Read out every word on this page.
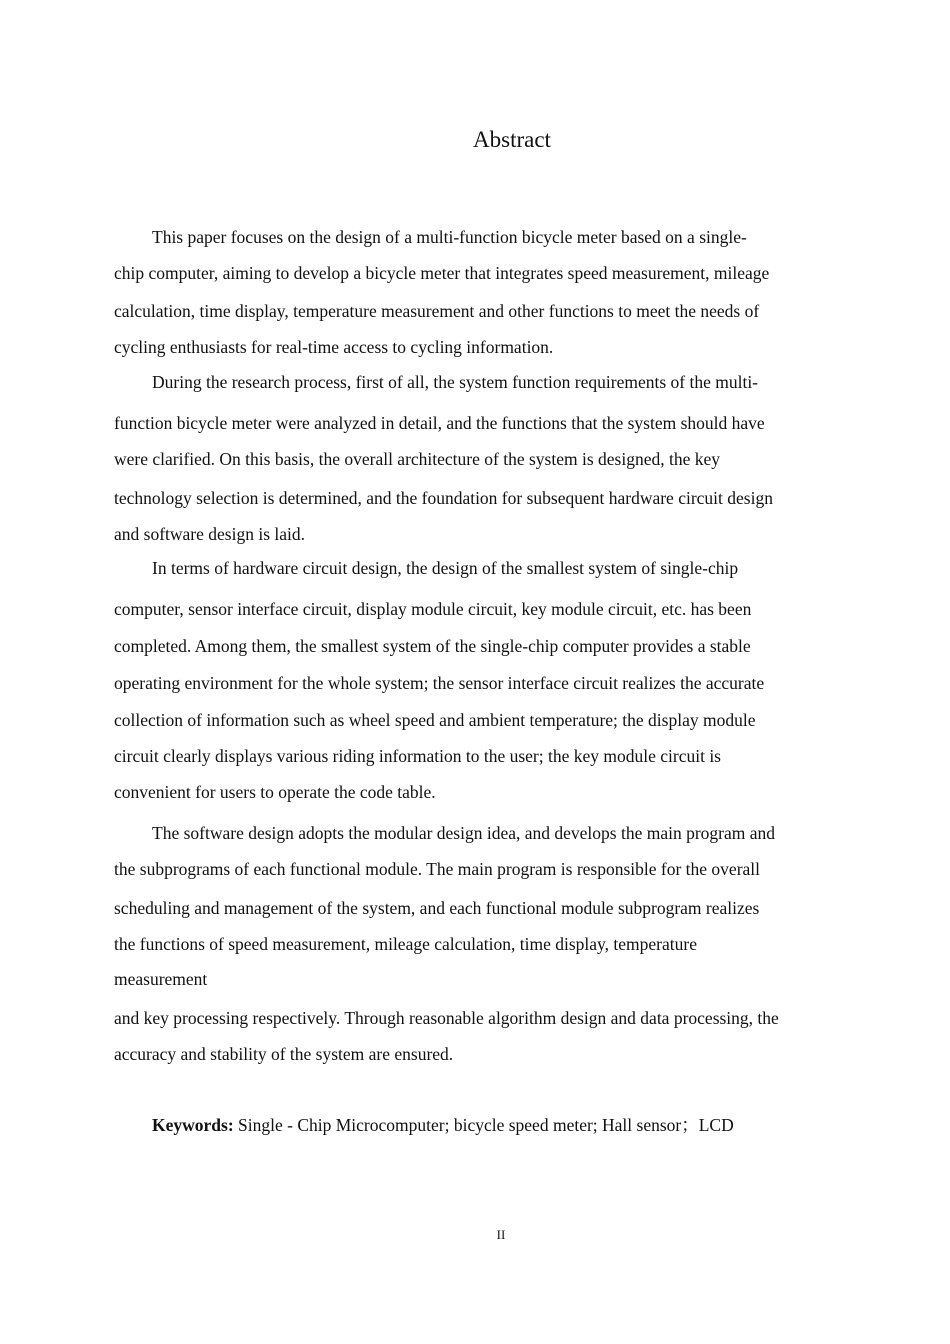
Abstract
This paper focuses on the design of a multi-function bicycle meter based on a single-
chip computer, aiming to develop a bicycle meter that integrates speed measurement, mileage
calculation, time display, temperature measurement and other functions to meet the needs of
cycling enthusiasts for real-time access to cycling information.
During the research process, first of all, the system function requirements of the multi-
function bicycle meter were analyzed in detail, and the functions that the system should have
were clarified. On this basis, the overall architecture of the system is designed, the key
technology selection is determined, and the foundation for subsequent hardware circuit design
and software design is laid.
In terms of hardware circuit design, the design of the smallest system of single-chip
computer, sensor interface circuit, display module circuit, key module circuit, etc. has been
completed. Among them, the smallest system of the single-chip computer provides a stable
operating environment for the whole system; the sensor interface circuit realizes the accurate
collection of information such as wheel speed and ambient temperature; the display module
circuit clearly displays various riding information to the user; the key module circuit is
convenient for users to operate the code table.
The software design adopts the modular design idea, and develops the main program and
the subprograms of each functional module. The main program is responsible for the overall
scheduling and management of the system, and each functional module subprogram realizes
the functions of speed measurement, mileage calculation, time display, temperature
measurement
and key processing respectively. Through reasonable algorithm design and data processing, the
accuracy and stability of the system are ensured.
Keywords: Single - Chip Microcomputer; bicycle speed meter; Hall sensor；LCD
II
